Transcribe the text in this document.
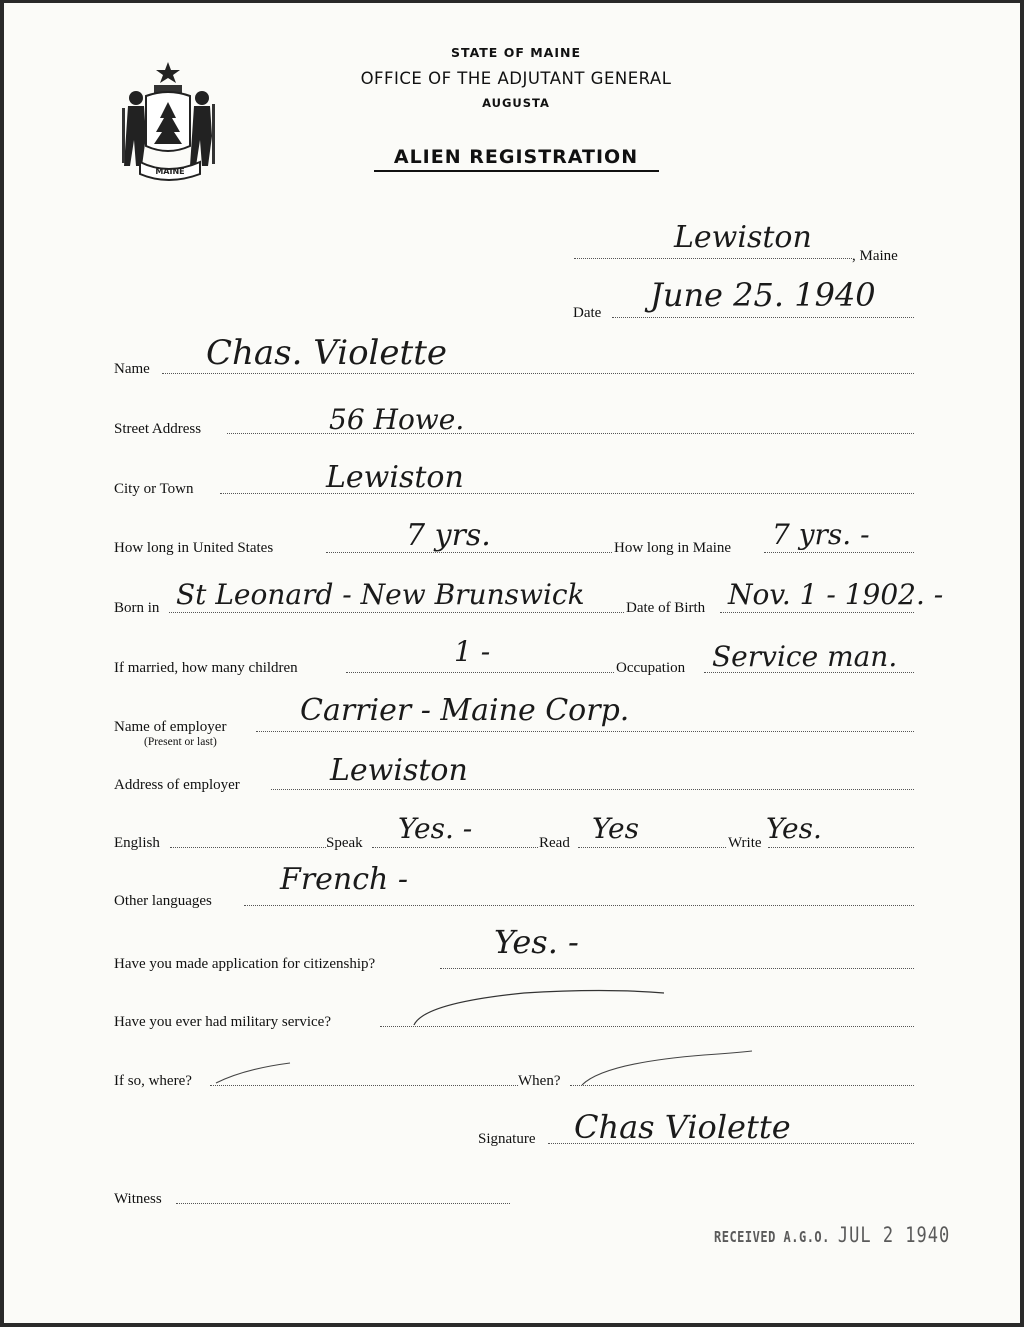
MAINE
STATE OF MAINE
OFFICE OF THE ADJUTANT GENERAL
AUGUSTA
ALIEN REGISTRATION
Lewiston
, Maine
Date June 25. 1940
Name Chas. Violette
Street Address	56 Howe.
City or Town	Lewiston
How long in United States	7 yrs.	How long in Maine 7 yrs. -
Born in St Leonard - New Brunswick	Date of Birth Nov. 1 - 1902. -
If married, how many children	1 -	Occupation Service man.
Name of employer
(Present or last)
Carrier - Maine Corp.
Address of employer	Lewiston
English	Speak Yes. -	Read Yes	Write Yes.
Other languages
French -
Have you made application for citizenship?
Yes. -
Have you ever had military service?
If so, where?	When?
Signature Chas Violette
Witness
RECEIVED A.G.O. JUL 2 1940
